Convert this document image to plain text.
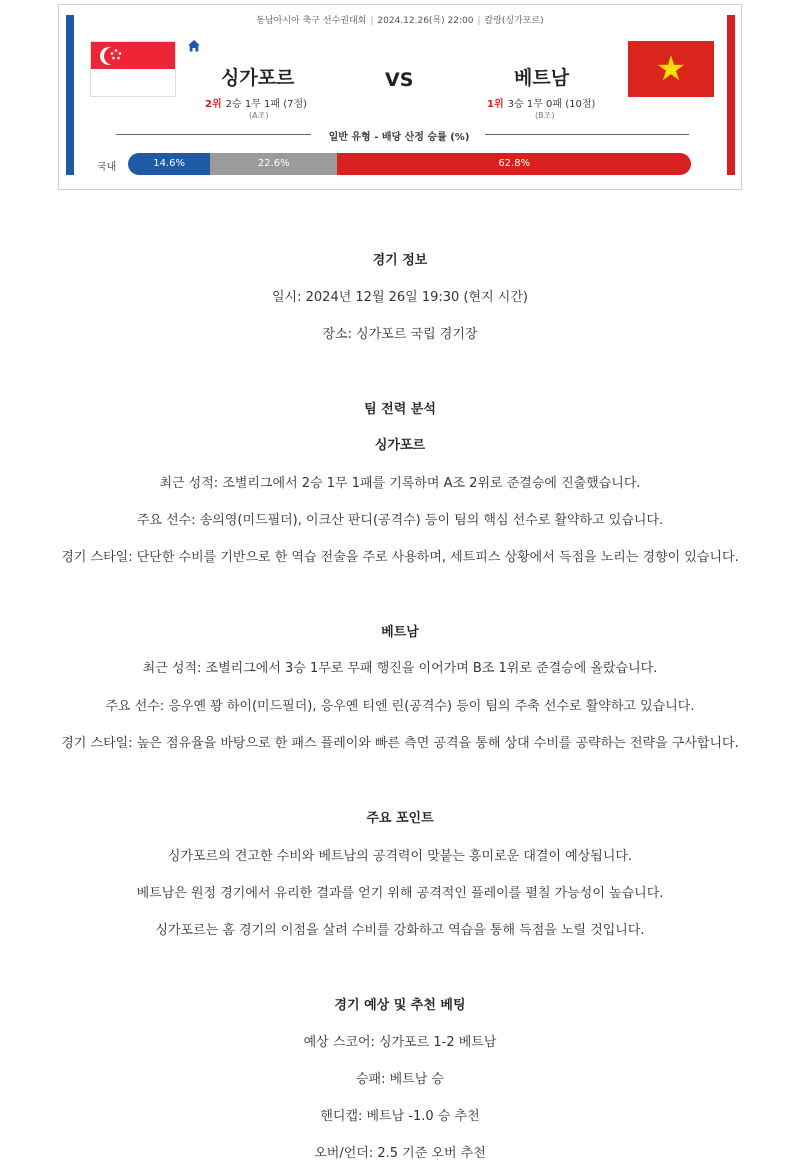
동남아시아 축구 선수권대회 | 2024.12.26(목) 22:00 | 칼랑(싱가포르)
싱가포르	VS	베트남
2위 2승 1무 1패 (7점)
(A조)
1위 3승 1무 0패 (10점)
(B조)
★
일반 유형 - 배당 산정 승률 (%)
국내	14.6%	22.6%	62.8%
경기 정보
일시: 2024년 12월 26일 19:30 (현지 시간)
장소: 싱가포르 국립 경기장
팀 전력 분석
싱가포르
최근 성적: 조별리그에서 2승 1무 1패를 기록하며 A조 2위로 준결승에 진출했습니다.
주요 선수: 송의영(미드필더), 이크산 판디(공격수) 등이 팀의 핵심 선수로 활약하고 있습니다.
경기 스타일: 단단한 수비를 기반으로 한 역습 전술을 주로 사용하며, 세트피스 상황에서 득점을 노리는 경향이 있습니다.
베트남
최근 성적: 조별리그에서 3승 1무로 무패 행진을 이어가며 B조 1위로 준결승에 올랐습니다.
주요 선수: 응우옌 꽝 하이(미드필더), 응우옌 티엔 린(공격수) 등이 팀의 주축 선수로 활약하고 있습니다.
경기 스타일: 높은 점유율을 바탕으로 한 패스 플레이와 빠른 측면 공격을 통해 상대 수비를 공략하는 전략을 구사합니다.
주요 포인트
싱가포르의 견고한 수비와 베트남의 공격력이 맞붙는 흥미로운 대결이 예상됩니다.
베트남은 원정 경기에서 유리한 결과를 얻기 위해 공격적인 플레이를 펼칠 가능성이 높습니다.
싱가포르는 홈 경기의 이점을 살려 수비를 강화하고 역습을 통해 득점을 노릴 것입니다.
경기 예상 및 추천 베팅
예상 스코어: 싱가포르 1-2 베트남
승패: 베트남 승
핸디캡: 베트남 -1.0 승 추천
오버/언더: 2.5 기준 오버 추천
